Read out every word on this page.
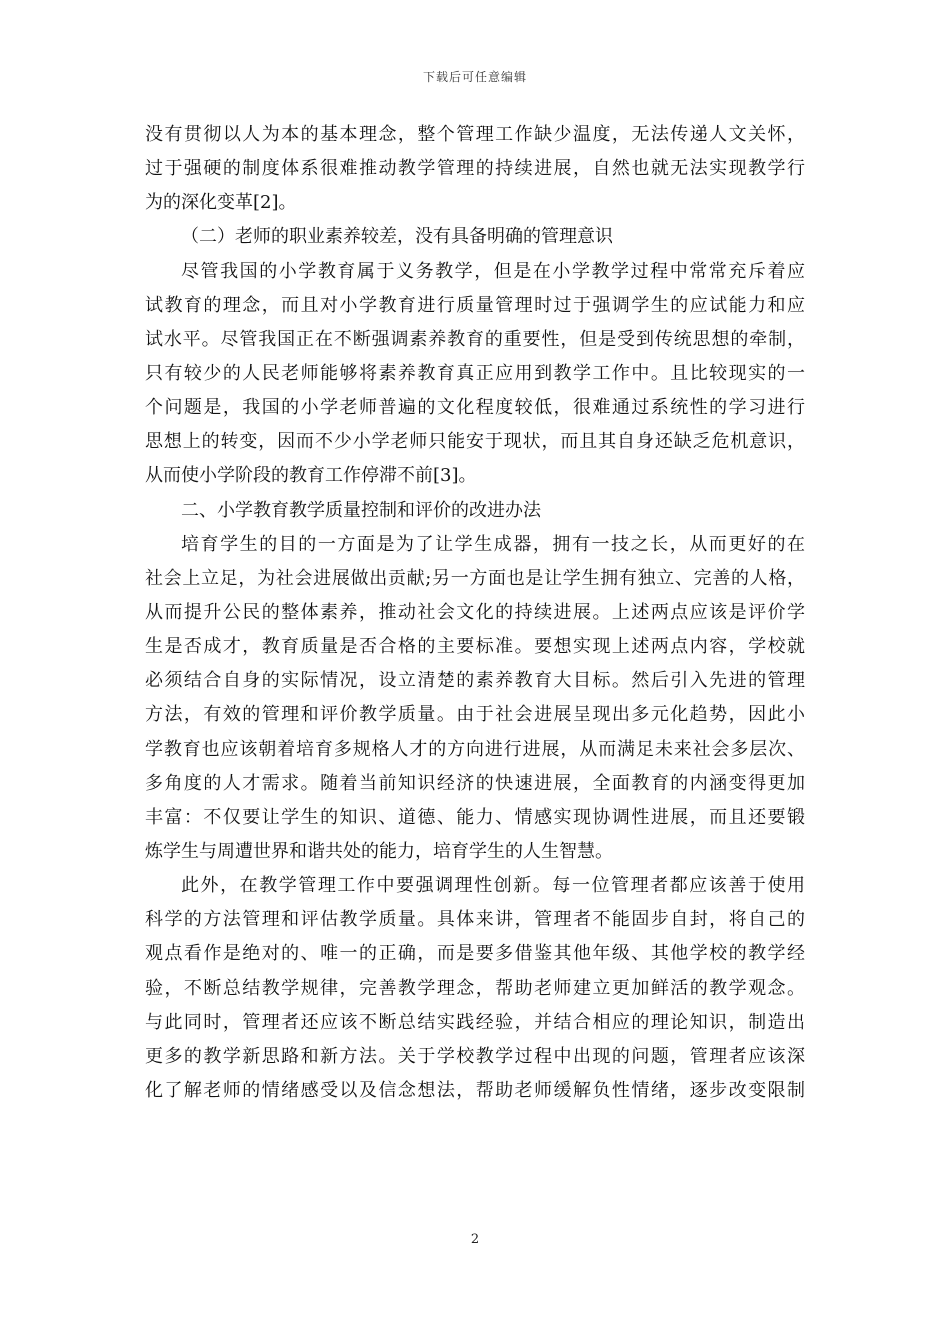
下载后可任意编辑
没有贯彻以人为本的基本理念，整个管理工作缺少温度，无法传递人文关怀，
过于强硬的制度体系很难推动教学管理的持续进展，自然也就无法实现教学行
为的深化变革[2]。
（二）老师的职业素养较差，没有具备明确的管理意识
尽管我国的小学教育属于义务教学，但是在小学教学过程中常常充斥着应
试教育的理念，而且对小学教育进行质量管理时过于强调学生的应试能力和应
试水平。尽管我国正在不断强调素养教育的重要性，但是受到传统思想的牵制，
只有较少的人民老师能够将素养教育真正应用到教学工作中。且比较现实的一
个问题是，我国的小学老师普遍的文化程度较低，很难通过系统性的学习进行
思想上的转变，因而不少小学老师只能安于现状，而且其自身还缺乏危机意识，
从而使小学阶段的教育工作停滞不前[3]。
二、小学教育教学质量控制和评价的改进办法
培育学生的目的一方面是为了让学生成器，拥有一技之长，从而更好的在
社会上立足，为社会进展做出贡献;另一方面也是让学生拥有独立、完善的人格，
从而提升公民的整体素养，推动社会文化的持续进展。上述两点应该是评价学
生是否成才，教育质量是否合格的主要标准。要想实现上述两点内容，学校就
必须结合自身的实际情况，设立清楚的素养教育大目标。然后引入先进的管理
方法，有效的管理和评价教学质量。由于社会进展呈现出多元化趋势，因此小
学教育也应该朝着培育多规格人才的方向进行进展，从而满足未来社会多层次、
多角度的人才需求。随着当前知识经济的快速进展，全面教育的内涵变得更加
丰富：不仅要让学生的知识、道德、能力、情感实现协调性进展，而且还要锻
炼学生与周遭世界和谐共处的能力，培育学生的人生智慧。
此外，在教学管理工作中要强调理性创新。每一位管理者都应该善于使用
科学的方法管理和评估教学质量。具体来讲，管理者不能固步自封，将自己的
观点看作是绝对的、唯一的正确，而是要多借鉴其他年级、其他学校的教学经
验，不断总结教学规律，完善教学理念，帮助老师建立更加鲜活的教学观念。
与此同时，管理者还应该不断总结实践经验，并结合相应的理论知识，制造出
更多的教学新思路和新方法。关于学校教学过程中出现的问题，管理者应该深
化了解老师的情绪感受以及信念想法，帮助老师缓解负性情绪，逐步改变限制
2
